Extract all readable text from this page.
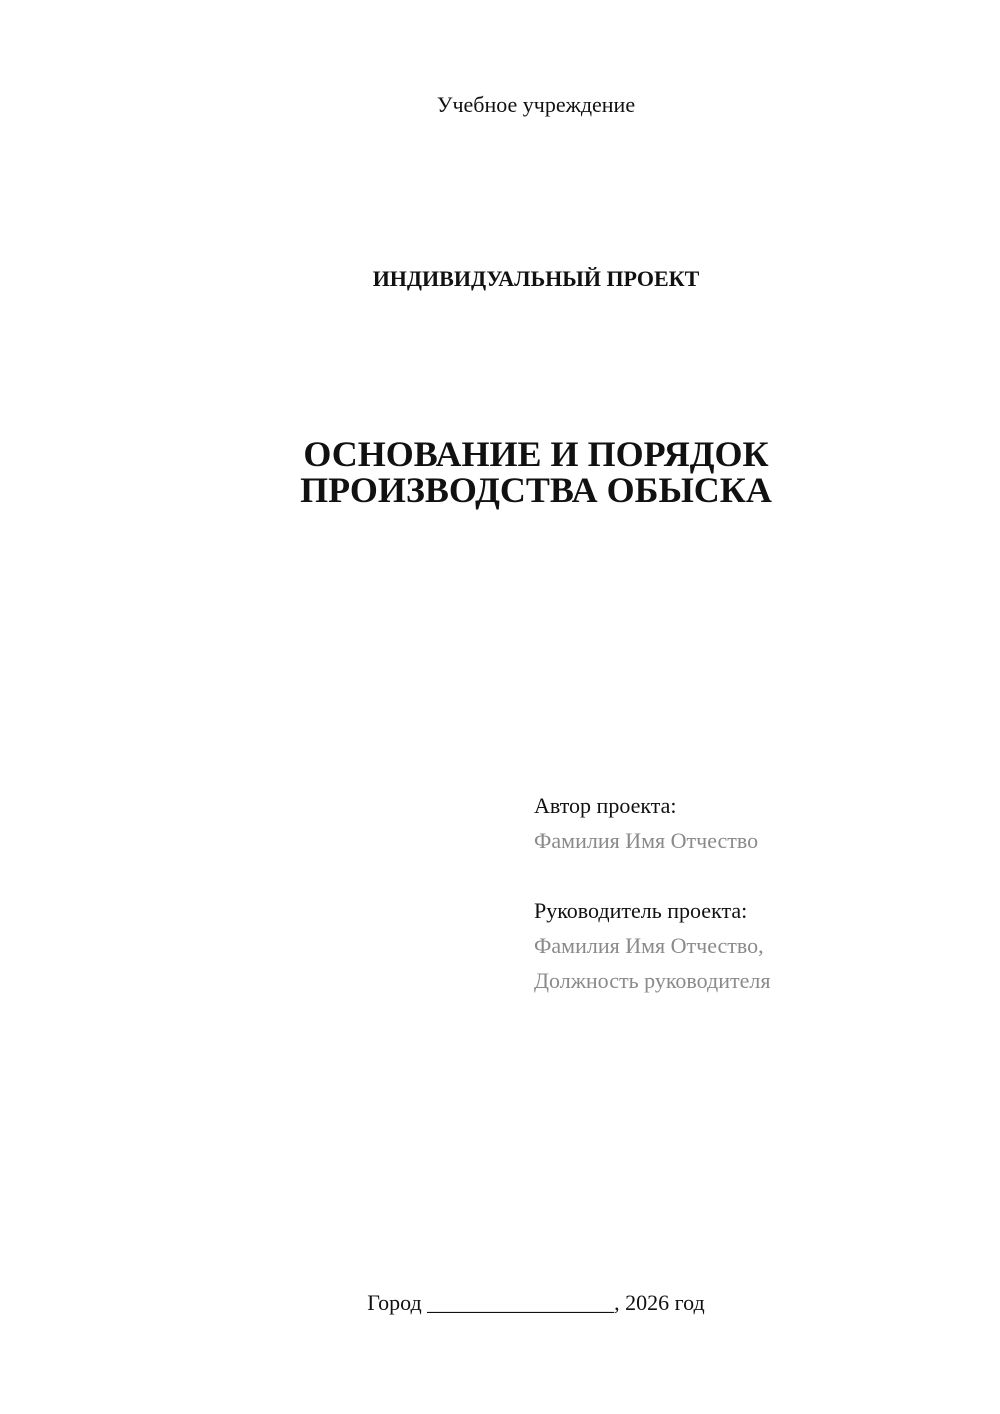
Учебное учреждение
ИНДИВИДУАЛЬНЫЙ ПРОЕКТ
ОСНОВАНИЕ И ПОРЯДОК
ПРОИЗВОДСТВА ОБЫСКА
Автор проекта:
Фамилия Имя Отчество
Руководитель проекта:
Фамилия Имя Отчество,
Должность руководителя
Город _________________, 2026 год
